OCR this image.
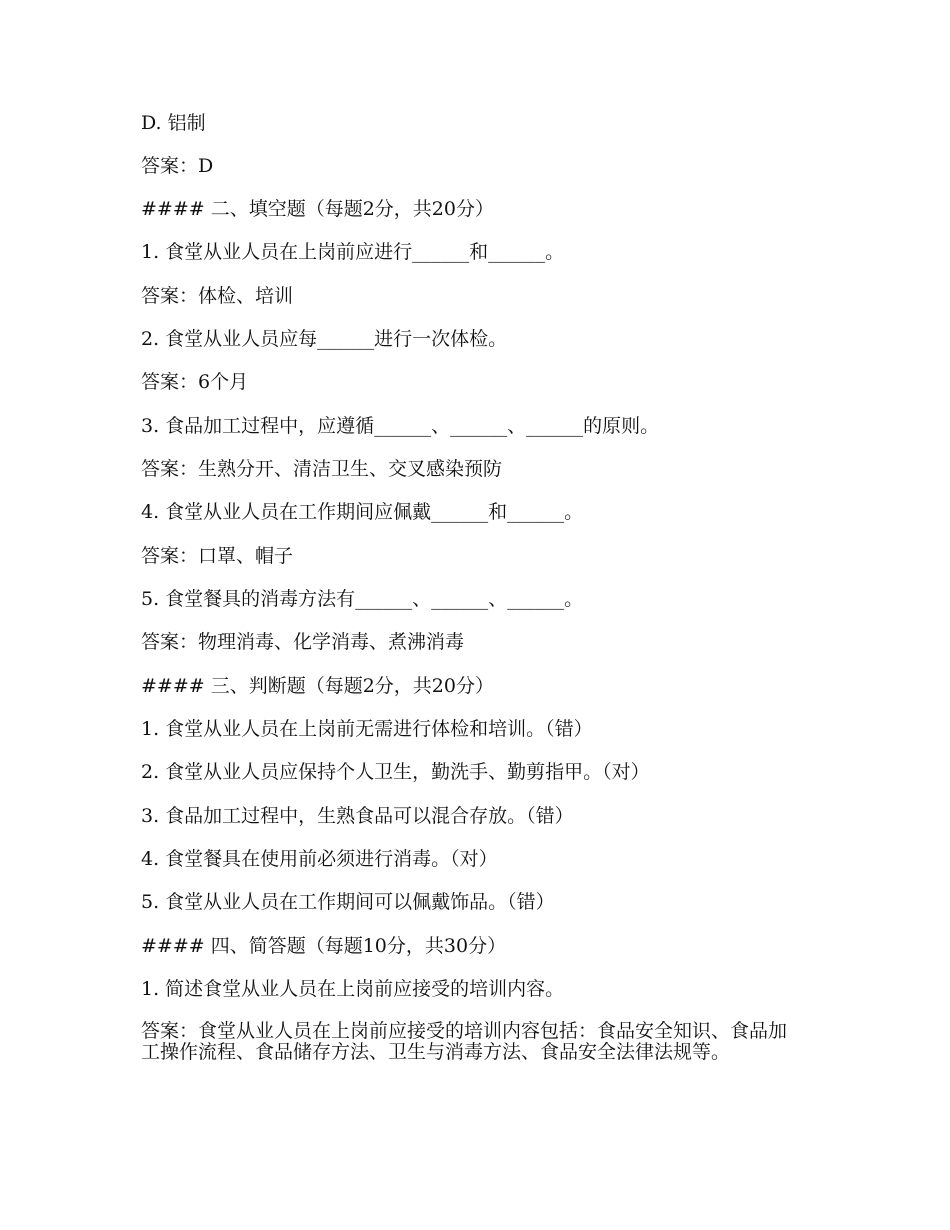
D. 铝制
答案：D
#### 二、填空题（每题2分，共20分）
1. 食堂从业人员在上岗前应进行______和______。
答案：体检、培训
2. 食堂从业人员应每______进行一次体检。
答案：6个月
3. 食品加工过程中，应遵循______、______、______的原则。
答案：生熟分开、清洁卫生、交叉感染预防
4. 食堂从业人员在工作期间应佩戴______和______。
答案：口罩、帽子
5. 食堂餐具的消毒方法有______、______、______。
答案：物理消毒、化学消毒、煮沸消毒
#### 三、判断题（每题2分，共20分）
1. 食堂从业人员在上岗前无需进行体检和培训。（错）
2. 食堂从业人员应保持个人卫生，勤洗手、勤剪指甲。（对）
3. 食品加工过程中，生熟食品可以混合存放。（错）
4. 食堂餐具在使用前必须进行消毒。（对）
5. 食堂从业人员在工作期间可以佩戴饰品。（错）
#### 四、简答题（每题10分，共30分）
1. 简述食堂从业人员在上岗前应接受的培训内容。
答案：食堂从业人员在上岗前应接受的培训内容包括：食品安全知识、食品加工操作流程、食品储存方法、卫生与消毒方法、食品安全法律法规等。
